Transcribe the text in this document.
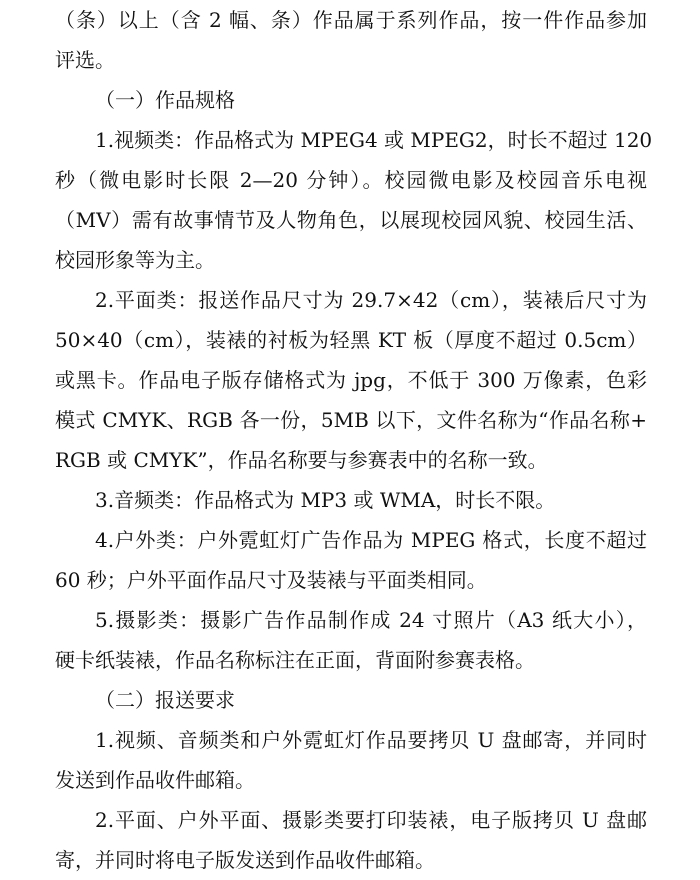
（条）以上（含 2 幅、条）作品属于系列作品，按一件作品参加
评选。
（一）作品规格
1.视频类：作品格式为 MPEG4 或 MPEG2，时长不超过 120
秒（微电影时长限 2—20 分钟）。校园微电影及校园音乐电视
（MV）需有故事情节及人物角色，以展现校园风貌、校园生活、
校园形象等为主。
2.平面类：报送作品尺寸为 29.7×42（cm），装裱后尺寸为
50×40（cm），装裱的衬板为轻黑 KT 板（厚度不超过 0.5cm）
或黑卡。作品电子版存储格式为 jpg，不低于 300 万像素，色彩
模式 CMYK、RGB 各一份，5MB 以下，文件名称为“作品名称+
RGB 或 CMYK”，作品名称要与参赛表中的名称一致。
3.音频类：作品格式为 MP3 或 WMA，时长不限。
4.户外类：户外霓虹灯广告作品为 MPEG 格式，长度不超过
60 秒；户外平面作品尺寸及装裱与平面类相同。
5.摄影类：摄影广告作品制作成 24 寸照片（A3 纸大小），
硬卡纸装裱，作品名称标注在正面，背面附参赛表格。
（二）报送要求
1.视频、音频类和户外霓虹灯作品要拷贝 U 盘邮寄，并同时
发送到作品收件邮箱。
2.平面、户外平面、摄影类要打印装裱，电子版拷贝 U 盘邮
寄，并同时将电子版发送到作品收件邮箱。
